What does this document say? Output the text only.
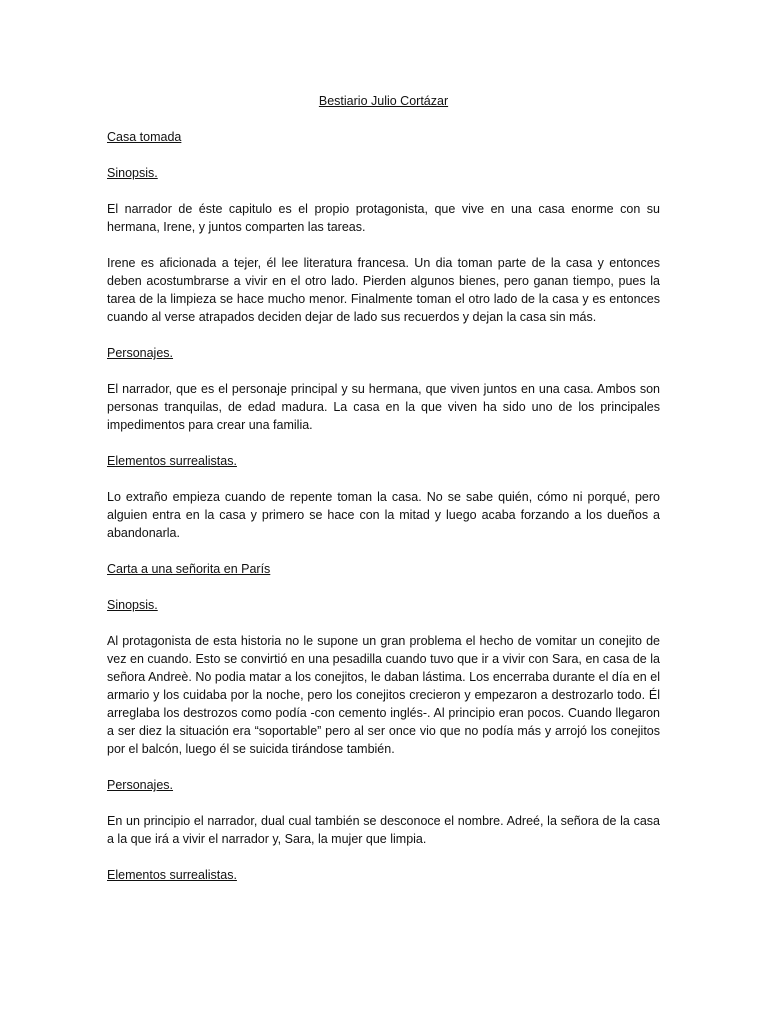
Bestiario Julio Cortázar
Casa tomada
Sinopsis.

El narrador de éste capitulo es el propio protagonista, que vive en una casa enorme con su hermana, Irene, y juntos comparten las tareas.

Irene es aficionada a tejer, él lee literatura francesa. Un dia toman parte de la casa y entonces deben acostumbrarse a vivir en el otro lado. Pierden algunos bienes, pero ganan tiempo, pues la tarea de la limpieza se hace mucho menor. Finalmente toman el otro lado de la casa y es entonces cuando al verse atrapados deciden dejar de lado sus recuerdos y dejan la casa sin más.

Personajes.

El narrador, que es el personaje principal y su hermana, que viven juntos en una casa. Ambos son personas tranquilas, de edad madura. La casa en la que viven ha sido uno de los principales impedimentos para crear una familia.

Elementos surrealistas.

Lo extraño empieza cuando de repente toman la casa. No se sabe quién, cómo ni porqué, pero alguien entra en la casa y primero se hace con la mitad y luego acaba forzando a los dueños a abandonarla.

Carta a una señorita en París
Sinopsis.

Al protagonista de esta historia no le supone un gran problema el hecho de vomitar un conejito de vez en cuando. Esto se convirtió en una pesadilla cuando tuvo que ir a vivir con Sara, en casa de la señora Andreè. No podia matar a los conejitos, le daban lástima. Los encerraba durante el día en el armario y los cuidaba por la noche, pero los conejitos crecieron y empezaron a destrozarlo todo. Él arreglaba los destrozos como podía -con cemento inglés-. Al principio eran pocos. Cuando llegaron a ser diez la situación era “soportable” pero al ser once vio que no podía más y arrojó los conejitos por el balcón, luego él se suicida tirándose también.

Personajes.

En un principio el narrador, dual cual también se desconoce el nombre. Adreé, la señora de la casa a la que irá a vivir el narrador y, Sara, la mujer que limpia.

Elementos surrealistas.
